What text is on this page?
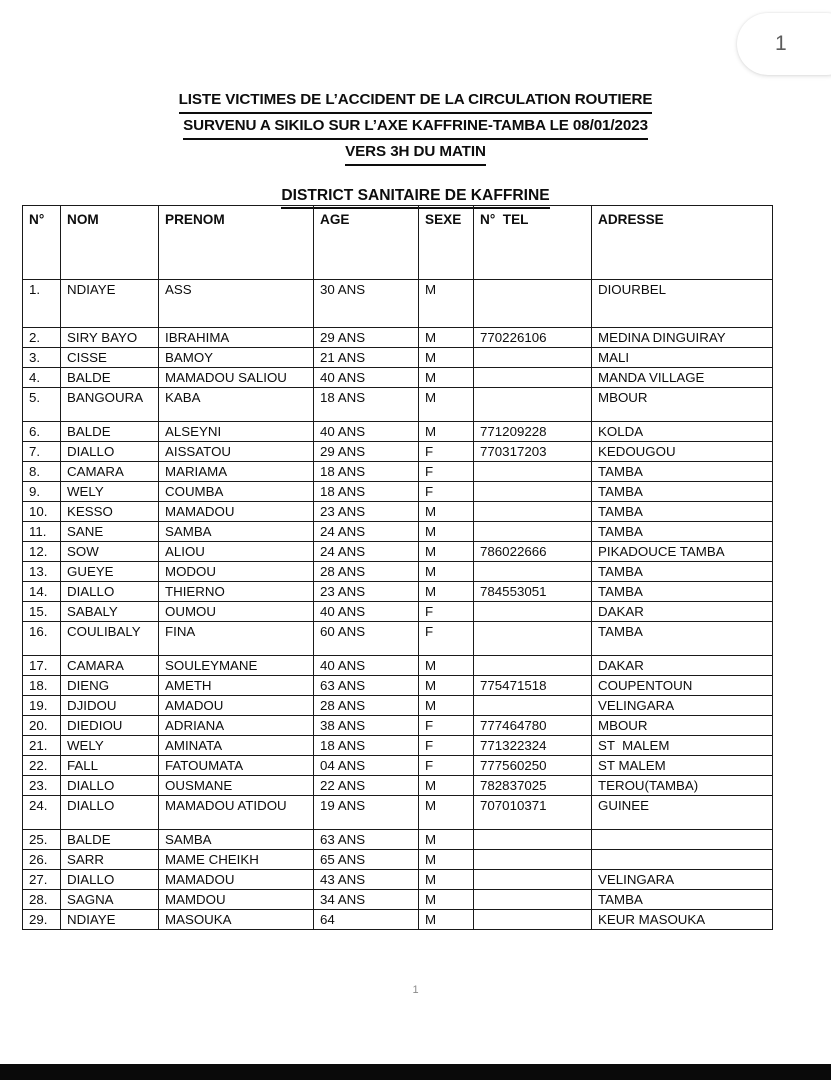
1
LISTE VICTIMES DE L’ACCIDENT DE LA CIRCULATION ROUTIERE
SURVENU A SIKILO SUR L’AXE KAFFRINE-TAMBA LE 08/01/2023
VERS 3H DU MATIN
DISTRICT SANITAIRE DE KAFFRINE
N°	NOM	PRENOM	AGE	SEXE	N°  TEL	ADRESSE
1.	NDIAYE	ASS	30 ANS	M		DIOURBEL
2.	SIRY BAYO	IBRAHIMA	29 ANS	M	770226106	MEDINA DINGUIRAY
3.	CISSE	BAMOY	21 ANS	M		MALI
4.	BALDE	MAMADOU SALIOU	40 ANS	M		MANDA VILLAGE
5.	BANGOURA	KABA	18 ANS	M		MBOUR
6.	BALDE	ALSEYNI	40 ANS	M	771209228	KOLDA
7.	DIALLO	AISSATOU	29 ANS	F	770317203	KEDOUGOU
8.	CAMARA	MARIAMA	18 ANS	F		TAMBA
9.	WELY	COUMBA	18 ANS	F		TAMBA
10.	KESSO	MAMADOU	23 ANS	M		TAMBA
11.	SANE	SAMBA	24 ANS	M		TAMBA
12.	SOW	ALIOU	24 ANS	M	786022666	PIKADOUCE TAMBA
13.	GUEYE	MODOU	28 ANS	M		TAMBA
14.	DIALLO	THIERNO	23 ANS	M	784553051	TAMBA
15.	SABALY	OUMOU	40 ANS	F		DAKAR
16.	COULIBALY	FINA	60 ANS	F		TAMBA
17.	CAMARA	SOULEYMANE	40 ANS	M		DAKAR
18.	DIENG	AMETH	63 ANS	M	775471518	COUPENTOUN
19.	DJIDOU	AMADOU	28 ANS	M		VELINGARA
20.	DIEDIOU	ADRIANA	38 ANS	F	777464780	MBOUR
21.	WELY	AMINATA	18 ANS	F	771322324	ST  MALEM
22.	FALL	FATOUMATA	04 ANS	F	777560250	ST MALEM
23.	DIALLO	OUSMANE	22 ANS	M	782837025	TEROU(TAMBA)
24.	DIALLO	MAMADOU ATIDOU	19 ANS	M	707010371	GUINEE
25.	BALDE	SAMBA	63 ANS	M		
26.	SARR	MAME CHEIKH	65 ANS	M		
27.	DIALLO	MAMADOU	43 ANS	M		VELINGARA
28.	SAGNA	MAMDOU	34 ANS	M		TAMBA
29.	NDIAYE	MASOUKA	64	M		KEUR MASOUKA
1
